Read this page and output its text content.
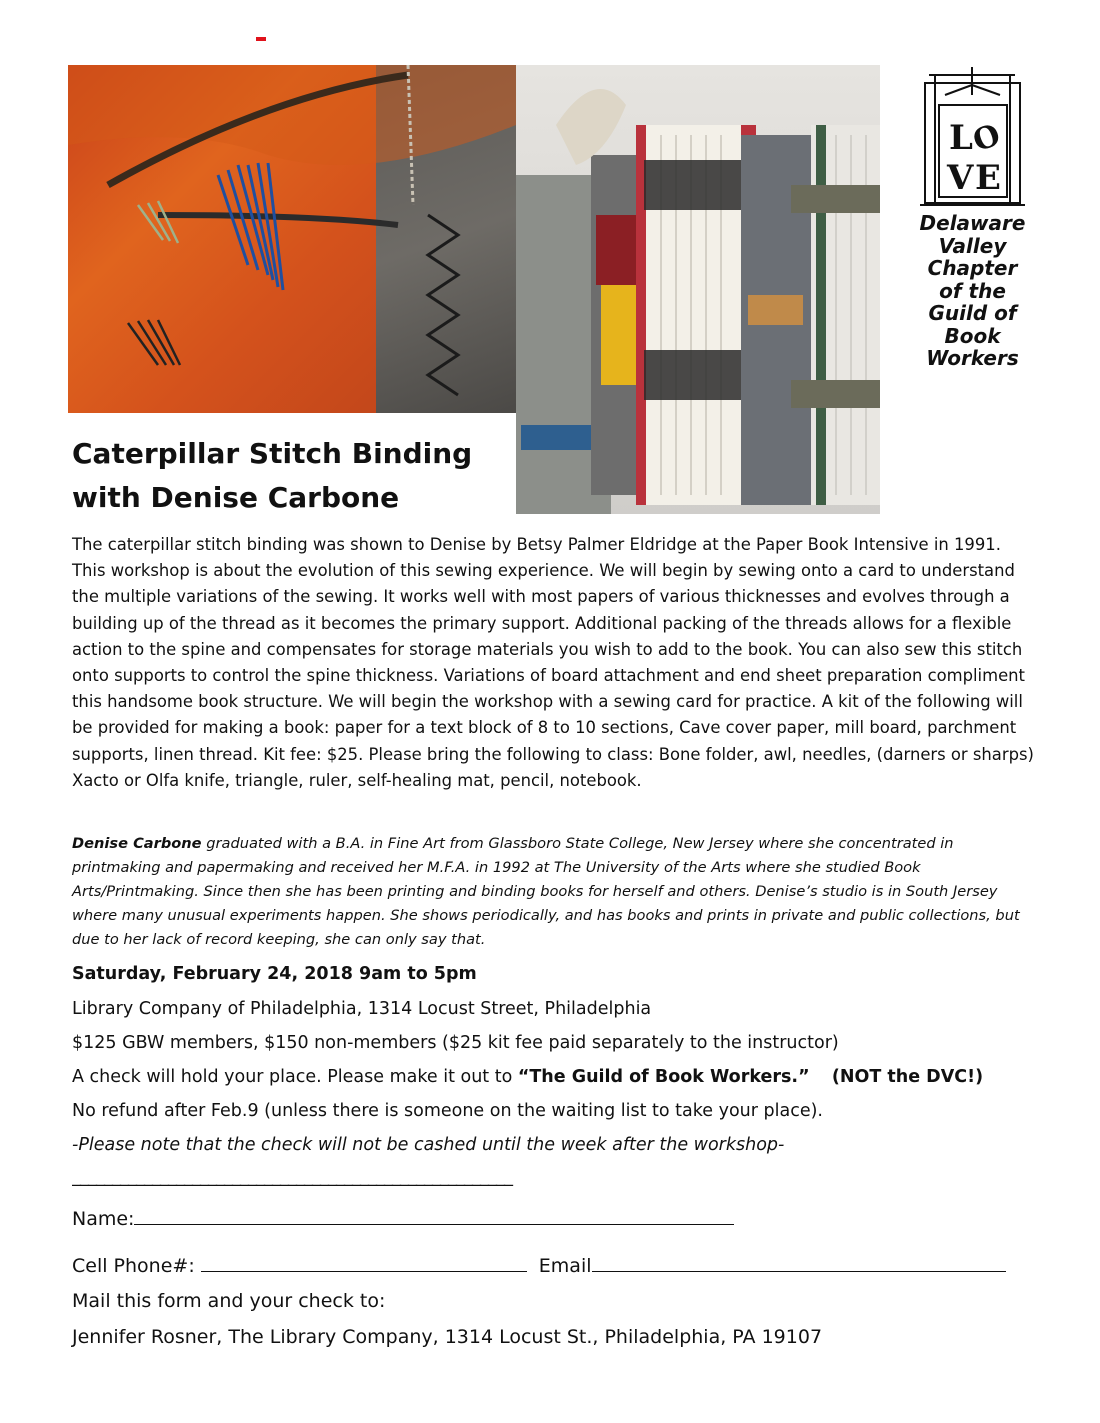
L
O
V E
Delaware
Valley
Chapter
of the
Guild of
Book
Workers
Caterpillar Stitch Binding
with Denise Carbone
The caterpillar stitch binding was shown to Denise by Betsy Palmer Eldridge at the Paper Book Intensive in 1991. This workshop is about the evolution of this sewing experience. We will begin by sewing onto a card to understand the multiple variations of the sewing. It works well with most papers of various thicknesses and evolves through a building up of the thread as it becomes the primary support. Additional packing of the threads allows for a flexible action to the spine and compensates for storage materials you wish to add to the book. You can also sew this stitch onto supports to control the spine thickness. Variations of board attachment and end sheet preparation compliment this handsome book structure. We will begin the workshop with a sewing card for practice. A kit of the following will be provided for making a book: paper for a text block of 8 to 10 sections, Cave cover paper, mill board, parchment supports, linen thread. Kit fee: $25. Please bring the following to class: Bone folder, awl, needles, (darners or sharps) Xacto or Olfa knife, triangle, ruler, self-healing mat, pencil, notebook.
Denise Carbone graduated with a B.A. in Fine Art from Glassboro State College, New Jersey where she concentrated in printmaking and papermaking and received her M.F.A. in 1992 at The University of the Arts where she studied Book Arts/Printmaking. Since then she has been printing and binding books for herself and others. Denise’s studio is in South Jersey where many unusual experiments happen. She shows periodically, and has books and prints in private and public collections, but due to her lack of record keeping, she can only say that.
Saturday, February 24, 2018 9am to 5pm
Library Company of Philadelphia, 1314 Locust Street, Philadelphia
$125 GBW members, $150 non-members ($25 kit fee paid separately to the instructor)
A check will hold your place. Please make it out to “The Guild of Book Workers.” (NOT the DVC!)
No refund after Feb.9 (unless there is someone on the waiting list to take your place).
-Please note that the check will not be cashed until the week after the workshop-
_______________________________________________________
Name:
Cell Phone#:	Email
Mail this form and your check to:
Jennifer Rosner, The Library Company, 1314 Locust St., Philadelphia, PA 19107
